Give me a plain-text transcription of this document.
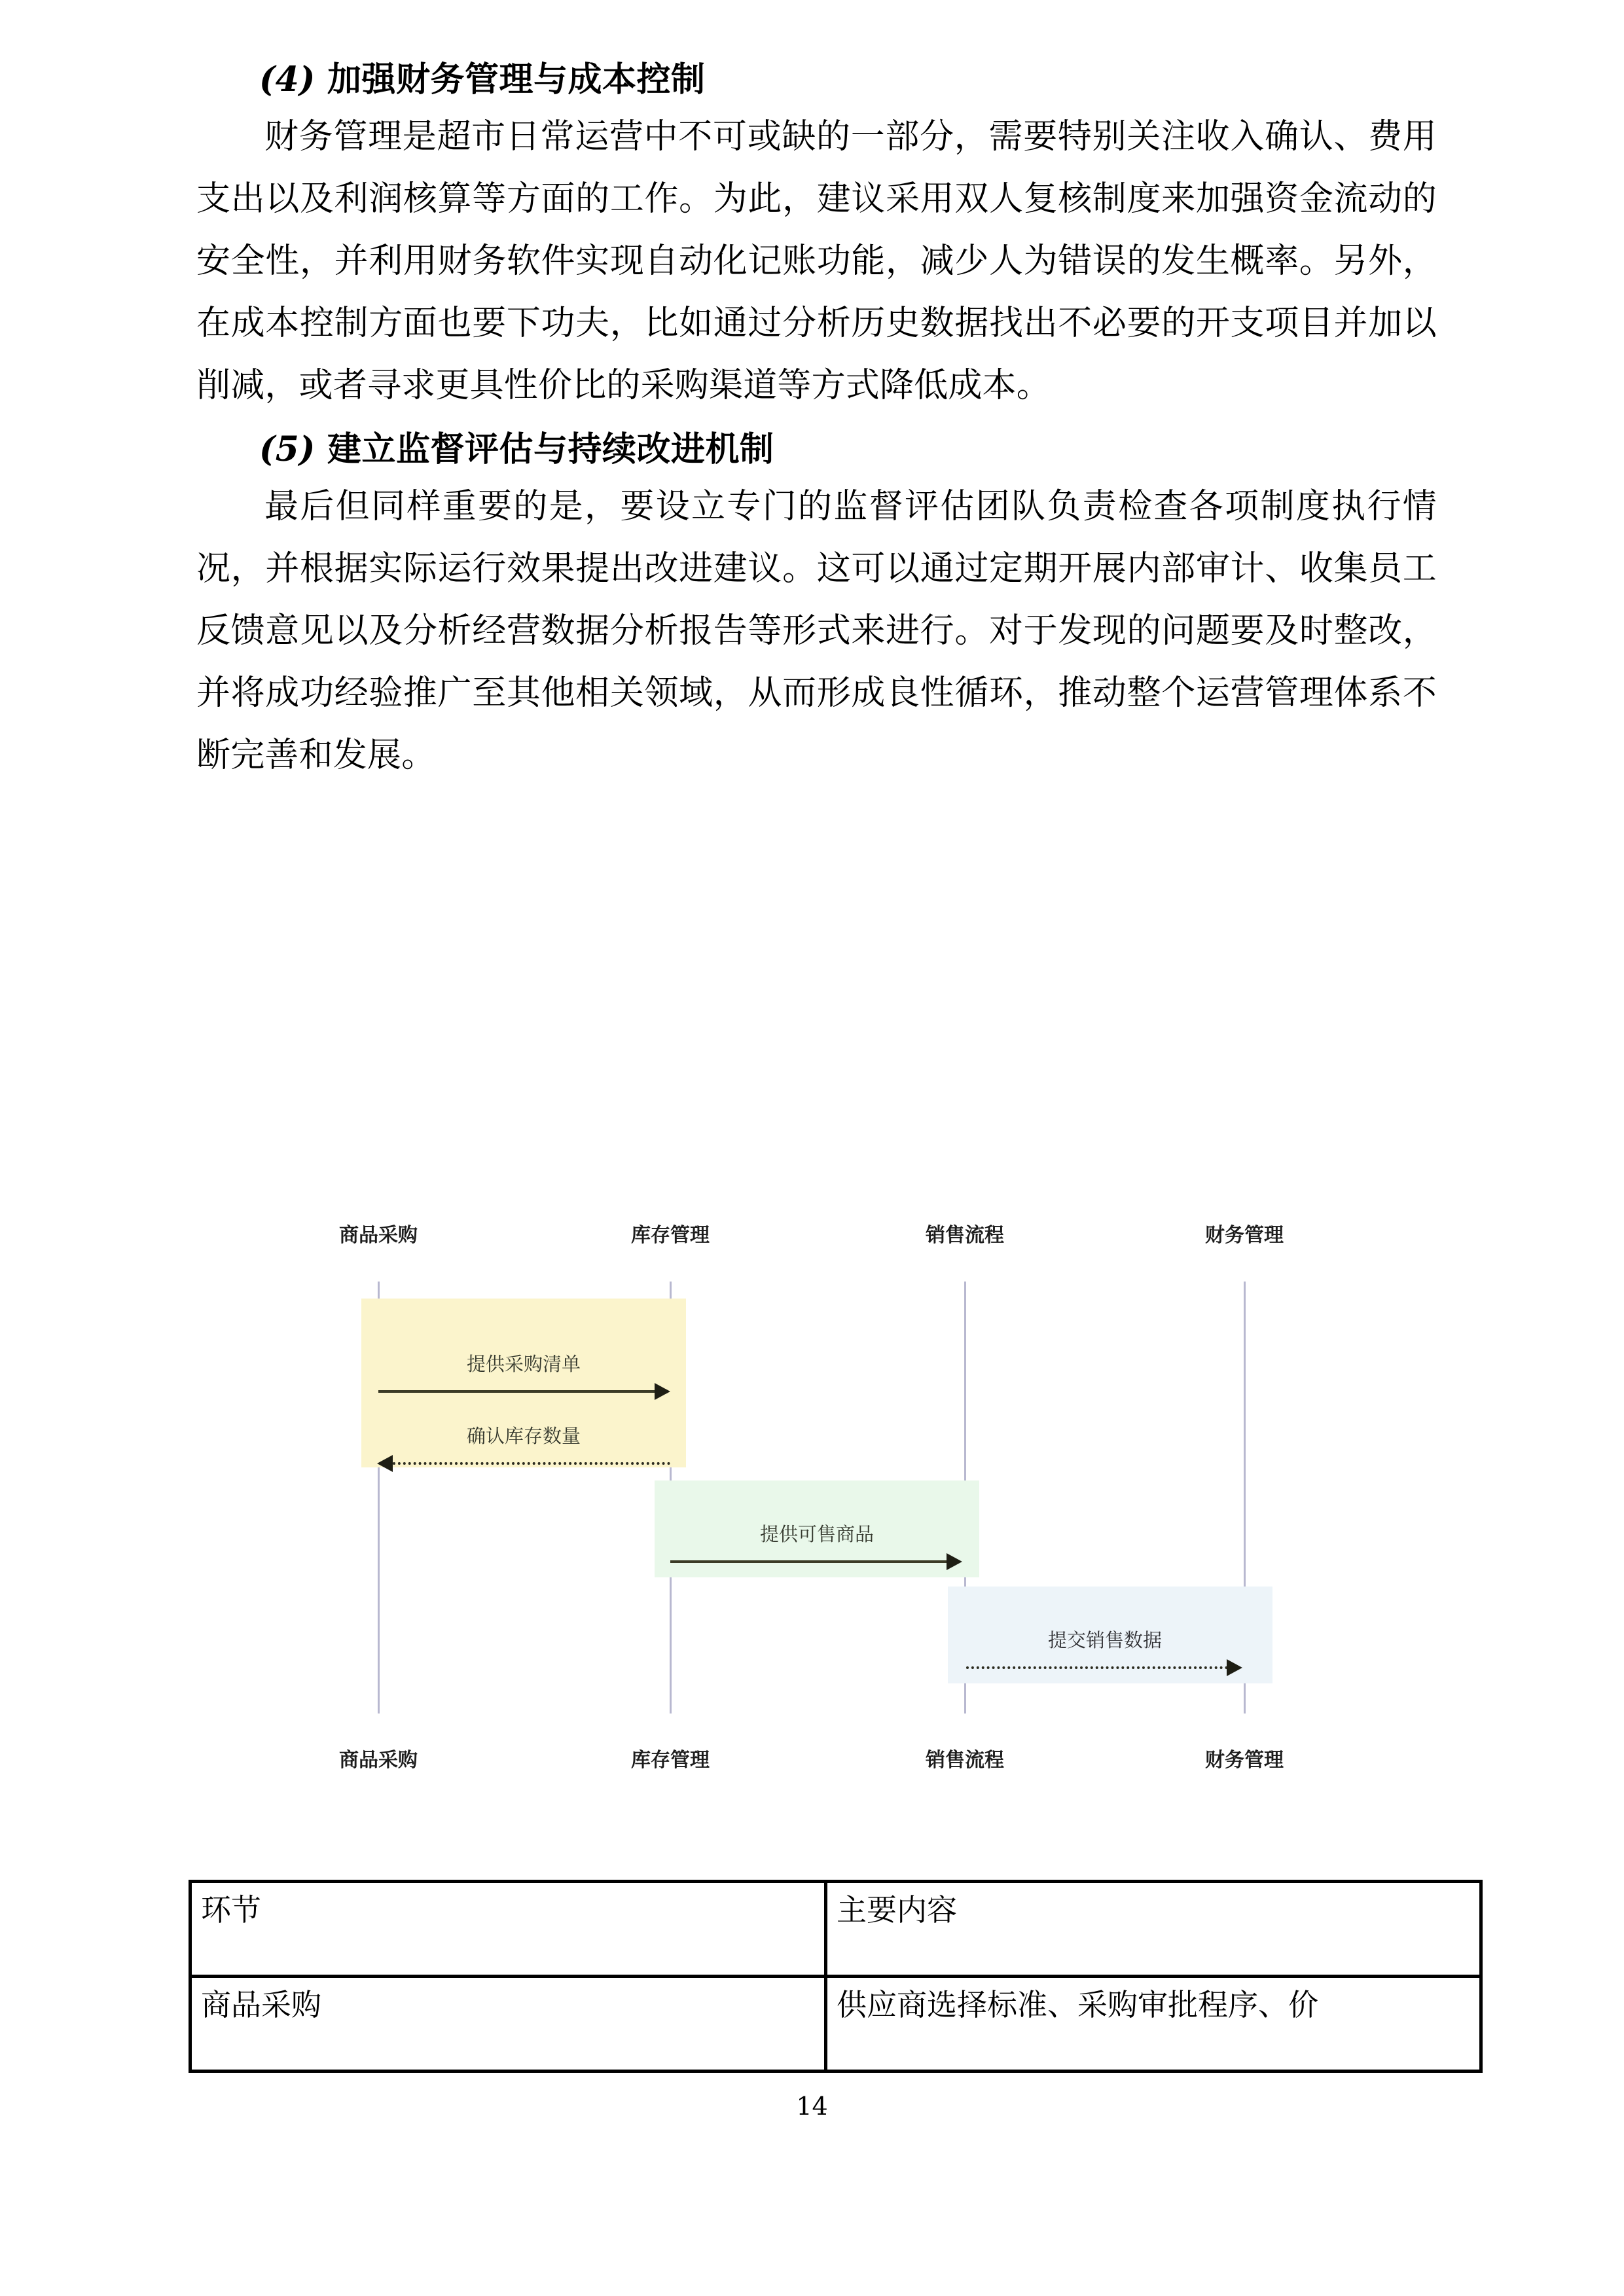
(4) 加强财务管理与成本控制

财务管理是超市日常运营中不可或缺的一部分，需要特别关注收入确认、费用支出以及利润核算等方面的工作。为此，建议采用双人复核制度来加强资金流动的安全性，并利用财务软件实现自动化记账功能，减少人为错误的发生概率。另外，在成本控制方面也要下功夫，比如通过分析历史数据找出不必要的开支项目并加以削减，或者寻求更具性价比的采购渠道等方式降低成本。

(5) 建立监督评估与持续改进机制

最后但同样重要的是，要设立专门的监督评估团队负责检查各项制度执行情况，并根据实际运行效果提出改进建议。这可以通过定期开展内部审计、收集员工反馈意见以及分析经营数据分析报告等形式来进行。对于发现的问题要及时整改，并将成功经验推广至其他相关领域，从而形成良性循环，推动整个运营管理体系不断完善和发展。

商品采购	库存管理	销售流程	财务管理
提供采购清单
确认库存数量
提供可售商品
提交销售数据
商品采购	库存管理	销售流程	财务管理
环节	主要内容
商品采购	供应商选择标准、采购审批程序、价
14
